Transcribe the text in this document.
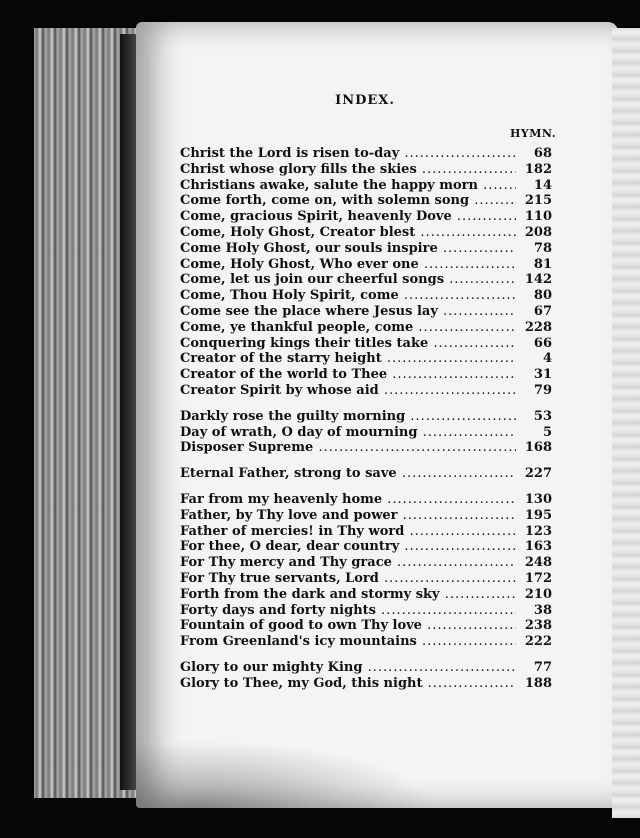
INDEX.
HYMN.
Christ the Lord is risen to-day .....	68
Christ whose glory fills the skies .....	182
Christians awake, salute the happy morn .....	14
Come forth, come on, with solemn song .....	215
Come, gracious Spirit, heavenly Dove .....	110
Come, Holy Ghost, Creator blest .....	208
Come Holy Ghost, our souls inspire .....	78
Come, Holy Ghost, Who ever one .....	81
Come, let us join our cheerful songs .....	142
Come, Thou Holy Spirit, come .....	80
Come see the place where Jesus lay .....	67
Come, ye thankful people, come .....	228
Conquering kings their titles take .....	66
Creator of the starry height .....	4
Creator of the world to Thee .....	31
Creator Spirit by whose aid .....	79
Darkly rose the guilty morning .....	53
Day of wrath, O day of mourning .....	5
Disposer Supreme .....	168
Eternal Father, strong to save .....	227
Far from my heavenly home .....	130
Father, by Thy love and power .....	195
Father of mercies! in Thy word .....	123
For thee, O dear, dear country .....	163
For Thy mercy and Thy grace .....	248
For Thy true servants, Lord .....	172
Forth from the dark and stormy sky .....	210
Forty days and forty nights .....	38
Fountain of good to own Thy love .....	238
From Greenland's icy mountains .....	222
Glory to our mighty King .....	77
Glory to Thee, my God, this night .....	188
